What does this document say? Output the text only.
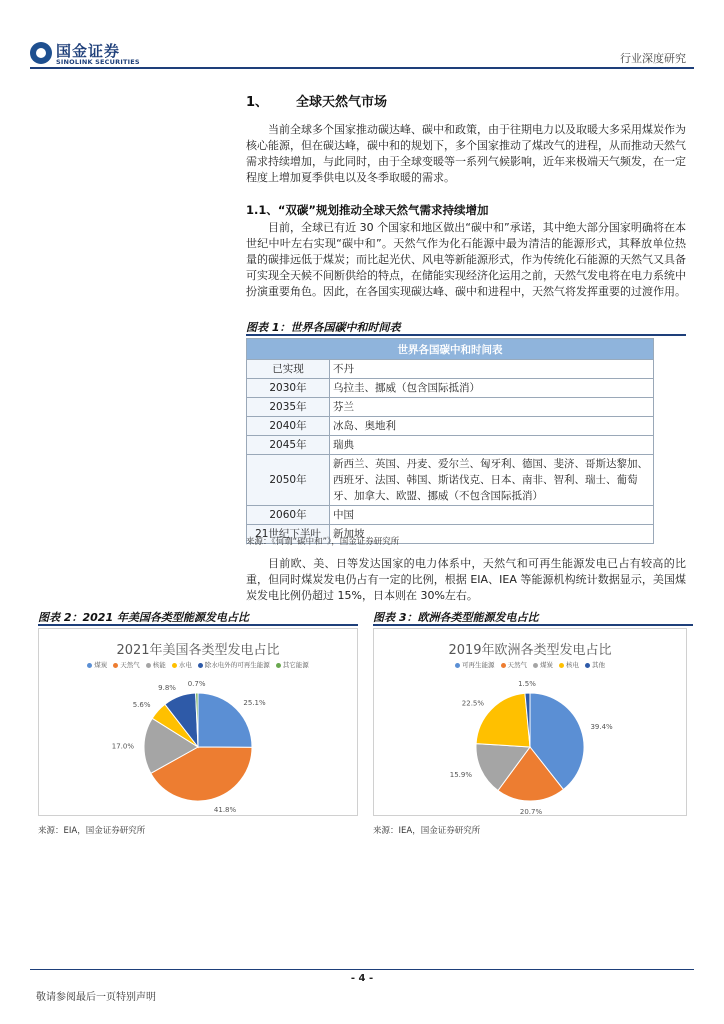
国金证券
SINOLINK SECURITIES	行业深度研究
1、 全球天然气市场
当前全球多个国家推动碳达峰、碳中和政策，由于往期电力以及取暖大多采用煤炭作为核心能源，但在碳达峰，碳中和的规划下，多个国家推动了煤改气的进程，从而推动天然气需求持续增加，与此同时，由于全球变暖等一系列气候影响，近年来极端天气频发，在一定程度上增加夏季供电以及冬季取暖的需求。
1.1、“双碳”规划推动全球天然气需求持续增加
目前，全球已有近 30 个国家和地区做出“碳中和”承诺，其中绝大部分国家明确将在本世纪中叶左右实现“碳中和”。天然气作为化石能源中最为清洁的能源形式，其释放单位热量的碳排远低于煤炭；而比起光伏、风电等新能源形式，作为传统化石能源的天然气又具备可实现全天候不间断供给的特点，在储能实现经济化运用之前，天然气发电将在电力系统中扮演重要角色。因此，在各国实现碳达峰、碳中和进程中，天然气将发挥重要的过渡作用。
图表 1：世界各国碳中和时间表
世界各国碳中和时间表	
已实现	不丹
2030年	乌拉圭、挪威（包含国际抵消）
2035年	芬兰
2040年	冰岛、奥地利
2045年	瑞典
2050年	新西兰、英国、丹麦、爱尔兰、匈牙利、德国、斐济、哥斯达黎加、西班牙、法国、韩国、斯诺伐克、日本、南非、智利、瑞士、葡萄牙、加拿大、欧盟、挪威（不包含国际抵消）
2060年	中国
21世纪下半叶	新加坡
来源：《何谓“碳中和”》，国金证券研究所
目前欧、美、日等发达国家的电力体系中，天然气和可再生能源发电已占有较高的比重，但同时煤炭发电仍占有一定的比例，根据 EIA、IEA 等能源机构统计数据显示，美国煤炭发电比例仍超过 15%，日本则在 30%左右。
图表 2：2021 年美国各类型能源发电占比
2021年美国各类型发电占比
煤炭 天然气 核能 水电 除水电外的可再生能源 其它能源
25.1%
41.8%
17.0%
5.6%
9.8% 0.7%
来源：EIA，国金证券研究所
图表 3：欧洲各类型能源发电占比
2019年欧洲各类型发电占比
可再生能源 天然气 煤炭 核电 其他
39.4%
20.7%
15.9%
22.5%
1.5%
来源：IEA，国金证券研究所
- 4 -
敬请参阅最后一页特别声明
